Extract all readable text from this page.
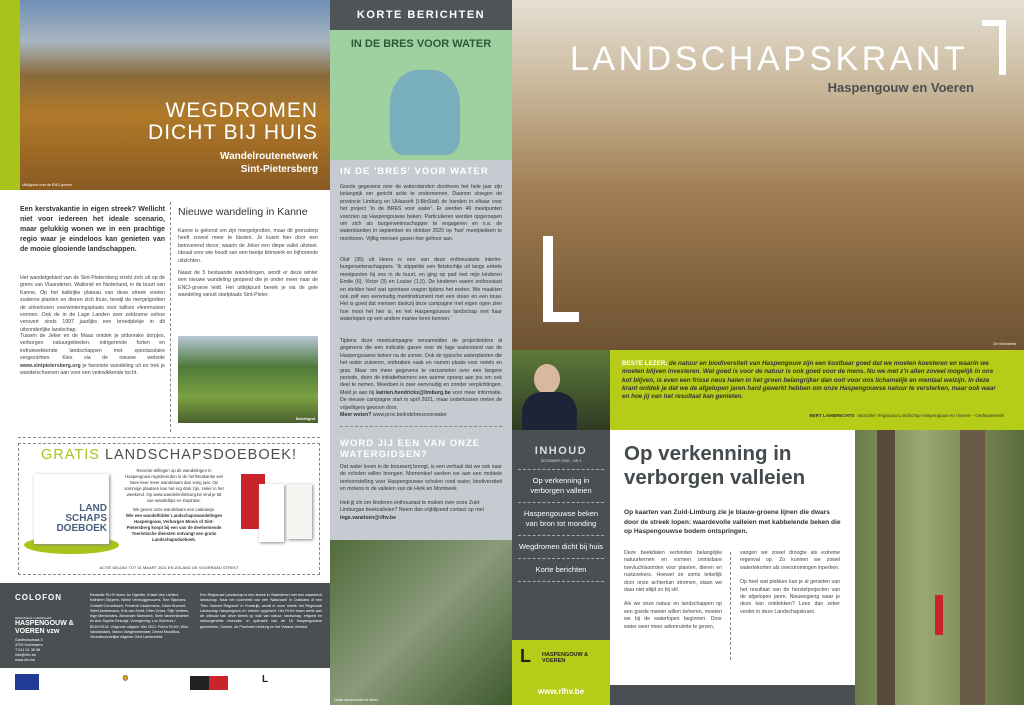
WEGDROMEN
DICHT BIJ HUIS
Wandelroutenetwerk
Sint-Pietersberg
Uitkijkpunt over de ENCI-groeve
Een kerstvakantie in eigen streek? Wellicht niet voor iedereen het ideale scenario, maar gelukkig wonen we in een prachtige regio waar je eindeloos kan genieten van de mooie glooiende landschappen.
Het wandelgebied van de Sint-Pietersberg strekt zich uit op de grens van Vlaanderen, Wallonië en Nederland, in de buurt van Kanne. Op het kalkrijke plateau van deze streek voelen zuiderse planten en dieren zich thuis, terwijl de mergelgrotten de uitverkoren overwinteringsplaats voor talloze vleermuizen vormen. Ook de in de Lage Landen zeer zeldzame oehoe verovert sinds 1997 jaarlijks een broedplekje in dit uitzonderlijke landschap.
Tussen de Jeker en de Maas ontdek je pittoreske dorpjes, verborgen natuurgebieden, intrigerende forten en indrukwekkende landschappen met spectaculaire vergezichten. Kies via de nieuwe website www.sintpietersberg.org je favoriete wandeling uit en trek je wandelschoenen aan voor een verkwikkende tocht.
Nieuwe wandeling in Kanne
Kanne is gekend om zijn mergelgrotten, maar dit grensdorp heeft zoveel meer te bieden. Je kuiert hier door een betoverend decor, waarin de Jeker een diepe vallei uitsleet. Ideaal voor wie houdt van een beetje klimwerk en bijhorende uitzichten.
Naast de 5 bestaande wandelingen, wordt er deze winter een nieuwe wandeling geopend die je onder meer naar de ENCI-groeve leidt. Het uitkijkpunt bereik je via de gele wandeling vanuit startplaats Sint-Pieter.
Duivelsgrot
GRATIS LANDSCHAPSDOEBOEK!
LAND SCHAPS DOEBOEK
Recente tellingen op de wandelingen in Haspengouw registreerden in de herfstvakantie wel twee keer meer wandelaars dan vorig jaar. Op sommige plaatsen kan het erg druk zijn, zeker in het weekend. Op www.wandelenlimburg.be vind je tal van wandeltips en inspiratie.
We geven onze wandelaars een cadeautje.
Wie een wandelfolder Landschapswandelingen Haspengouw, Verborgen Moois of Sint-Pietersberg koopt bij een van de deelnemende Toeristische diensten ontvangt een gratis Landschapsdoeboek.
ACTIE GELDIG TOT 31 MAART 2021 EN ZOLANG DE VOORRAAD STREKT
COLOFON
REGIONAAL LANDSCHAP
HASPENGOUW & VOEREN vzw
Gasthuisstraat 3
3700 Kortessem
T 011 31 38 98
info@rlhv.be
www.rlhv.be
Redactie RLHV team: An Ogrinfte, Kristel Van Lichtert, Kathleen Slippers, Wieke Verbruggenooms, Tine Sijsmans, Christel Cornelissen, Frederik Castermans, Jolien Bronnet, Steef Aerdtsmans, Erik van Eerdt, Ellen Cress, Stijn Vertees, Inge Merckmans, Alexander Mamoeck, Siele Vanderstraeten en Ann Sophie Delvoigt. Vormgeving: Luc Schreurs / BLIKVOLM. Volgende uitgave: Mei 2021. Foto's RLHV, Wim Vandeplaats, Marco Vangenneerdael, Dienst Mooi/Bos. Verantwoordelijke uitgever: Bert Lambrechts
Een Regionaal Landschap is een streek in Vlaanderen met een waardevol landschap. Naar het voorbeeld van een 'Naturpark' in Duitsland of een 'Parc Naturel Régional' in Frankrijk, wordt in onze streek het Regionaal Landschap Haspengouw en Voeren opgericht. Het RLHV team werkt aan de uitbouw van deze streek op vlak van natuur, landschap, erfgoed en natuurgerichte recreatie. In opdracht van de 16 Haspengouwse gemeenten, Voeren, de Provincie Limburg en het Vlaams Gewest.
🦁	L
KORTE BERICHTEN
IN DE BRES VOOR WATER
IN DE 'BRES' VOOR WATER
Goede gegevens over de waterstanden doorheen het hele jaar zijn belangrijk om gericht actie te ondernemen. Daarom sloegen de provincie Limburg en UHasselt (I-BioStat) de handen in elkaar voor het project 'In de BRES voor water'. Er werden 46 meetpunten voorzien op Haspengouwse beken. Particulieren werden opgeroepen om zich als burgerwetenschapper te engageren en o.a. de waterstanden in september en oktober 2020 op 'hun' meetplekken te monitoren. Vijftig mensen gaven hier gehoor aan.
Olaf (35) uit Heers is een van deze enthousiaste interim-burgerwetenschappers. 'Ik stippelde een fietstochtje uit langs enkele meetpunten bij ons in de buurt, en ging op pad met mijn kinderen Emile (6), Victor (3) en Louise (1,5). De kinderen waren enthousiast en stelden heel wat spontane vragen tijdens het meten. We maakten ook zelf een eenvoudig meetinstrument met een steen en een touw. Het is goed dat mensen dankzij deze campagne met eigen ogen zien hoe mooi het hier is, en het Haspengouwse landschap met haar waterlopen op een andere manier leren kennen.'
Tijdens deze meetcampagne verzamelden de projectleiders al gegevens die een indicatie gaven over de lage waterstand van de Haspengouwse beken na de zomer. Ook de typische waterplanten die het water zuiveren, ontbraken vaak en namen plaats voor netels en gras. Maar om meer gegevens te verzamelen over een langere periode, doen de initiatiefnemers een warme oproep aan jou om ook deel te nemen. Meedoen is zeer eenvoudig en zonder verplichtingen. Meld je aan bij katrien.hendrickx@limburg.be voor meer informatie. De nieuwe campagne start in april 2021, maar ondertussen meten de vrijwilligers gewoon door.
Meer weten? www.proc.be/indebresvoorwater
WORD JIJ EEN VAN ONZE WATERGIDSEN?
Dat water leven in de brouwerij brengt, is een verhaal dat we ook naar de scholen willen brengen. Momenteel werken we aan een mobiele tentoonstelling voor Haspengouwse scholen rond water, biodiversiteit en molens in de valleien van de Herk en Mombeek.
Heb jij zin om kinderen enthousiast te maken over onze Zuid-Limburgse beekvalleien? Neem dan vrijblijvend contact op met inge.vanelsen@rlhv.be
Oude stoepmolen in Alken
LANDSCHAPSKRANT
Haspengouw en Voeren
De Mombeek
BESTE LEZER, de natuur en biodiversiteit van Haspengouw zijn een kostbaar goed dat we moeten koesteren en waarin we moeten blijven investeren. Wat goed is voor de natuur is ook goed voor de mens. Nu we met z'n allen zoveel mogelijk in ons kot blijven, is even een frisse neus halen in het groen belangrijker dan ooit voor ons lichamelijk en mentaal welzijn. In deze krant ontdek je dat we de afgelopen jaren hard gewerkt hebben om onze Haspengouwse natuur te versterken, maar ook waar en hoe jij van het resultaat kan genieten.
BERT LAMBRECHTS Voorzitter Regionaal Landschap Haspengouw en Voeren – Gedeputeerde
INHOUD
DECEMBER 2020 – NR 4
Op verkenning in verborgen valleien
Haspengouwse beken van bron tot monding
Wegdromen dicht bij huis
Korte berichten
L HASPENGOUW & VOEREN
www.rlhv.be
Op verkenning in verborgen valleien
Op kaarten van Zuid-Limburg zie je blauw-groene lijnen die dwars door de streek lopen: waardevolle valleien met kabbelende beken die op Haspengouwse bodem ontspringen.
Deze beekdalen verbinden belangrijke natuurkernen en vormen onmisbare toevluchtsoorden voor planten, dieren en rustzoekers. Hoewel ze soms letterlijk door onze achtertuin stromen, staan we daar niet altijd zo bij stil.
Als we onze natuur en landschappen op een goede manier willen beheren, moeten we bij de waterlopen beginnen. Door water weer meer ademruimte te geven,
vangen we zowel droogte als extreme regenval op. Zo kunnen we zowel watertekorten als overstromingen inperken.
Op heel wat plekken kan je al genieten van het resultaat van de herstelprojecten van de afgelopen jaren. Nieuwsgierig waar je deze kan ontdekken? Lees dan zeker verder in deze Landschapskrant.
